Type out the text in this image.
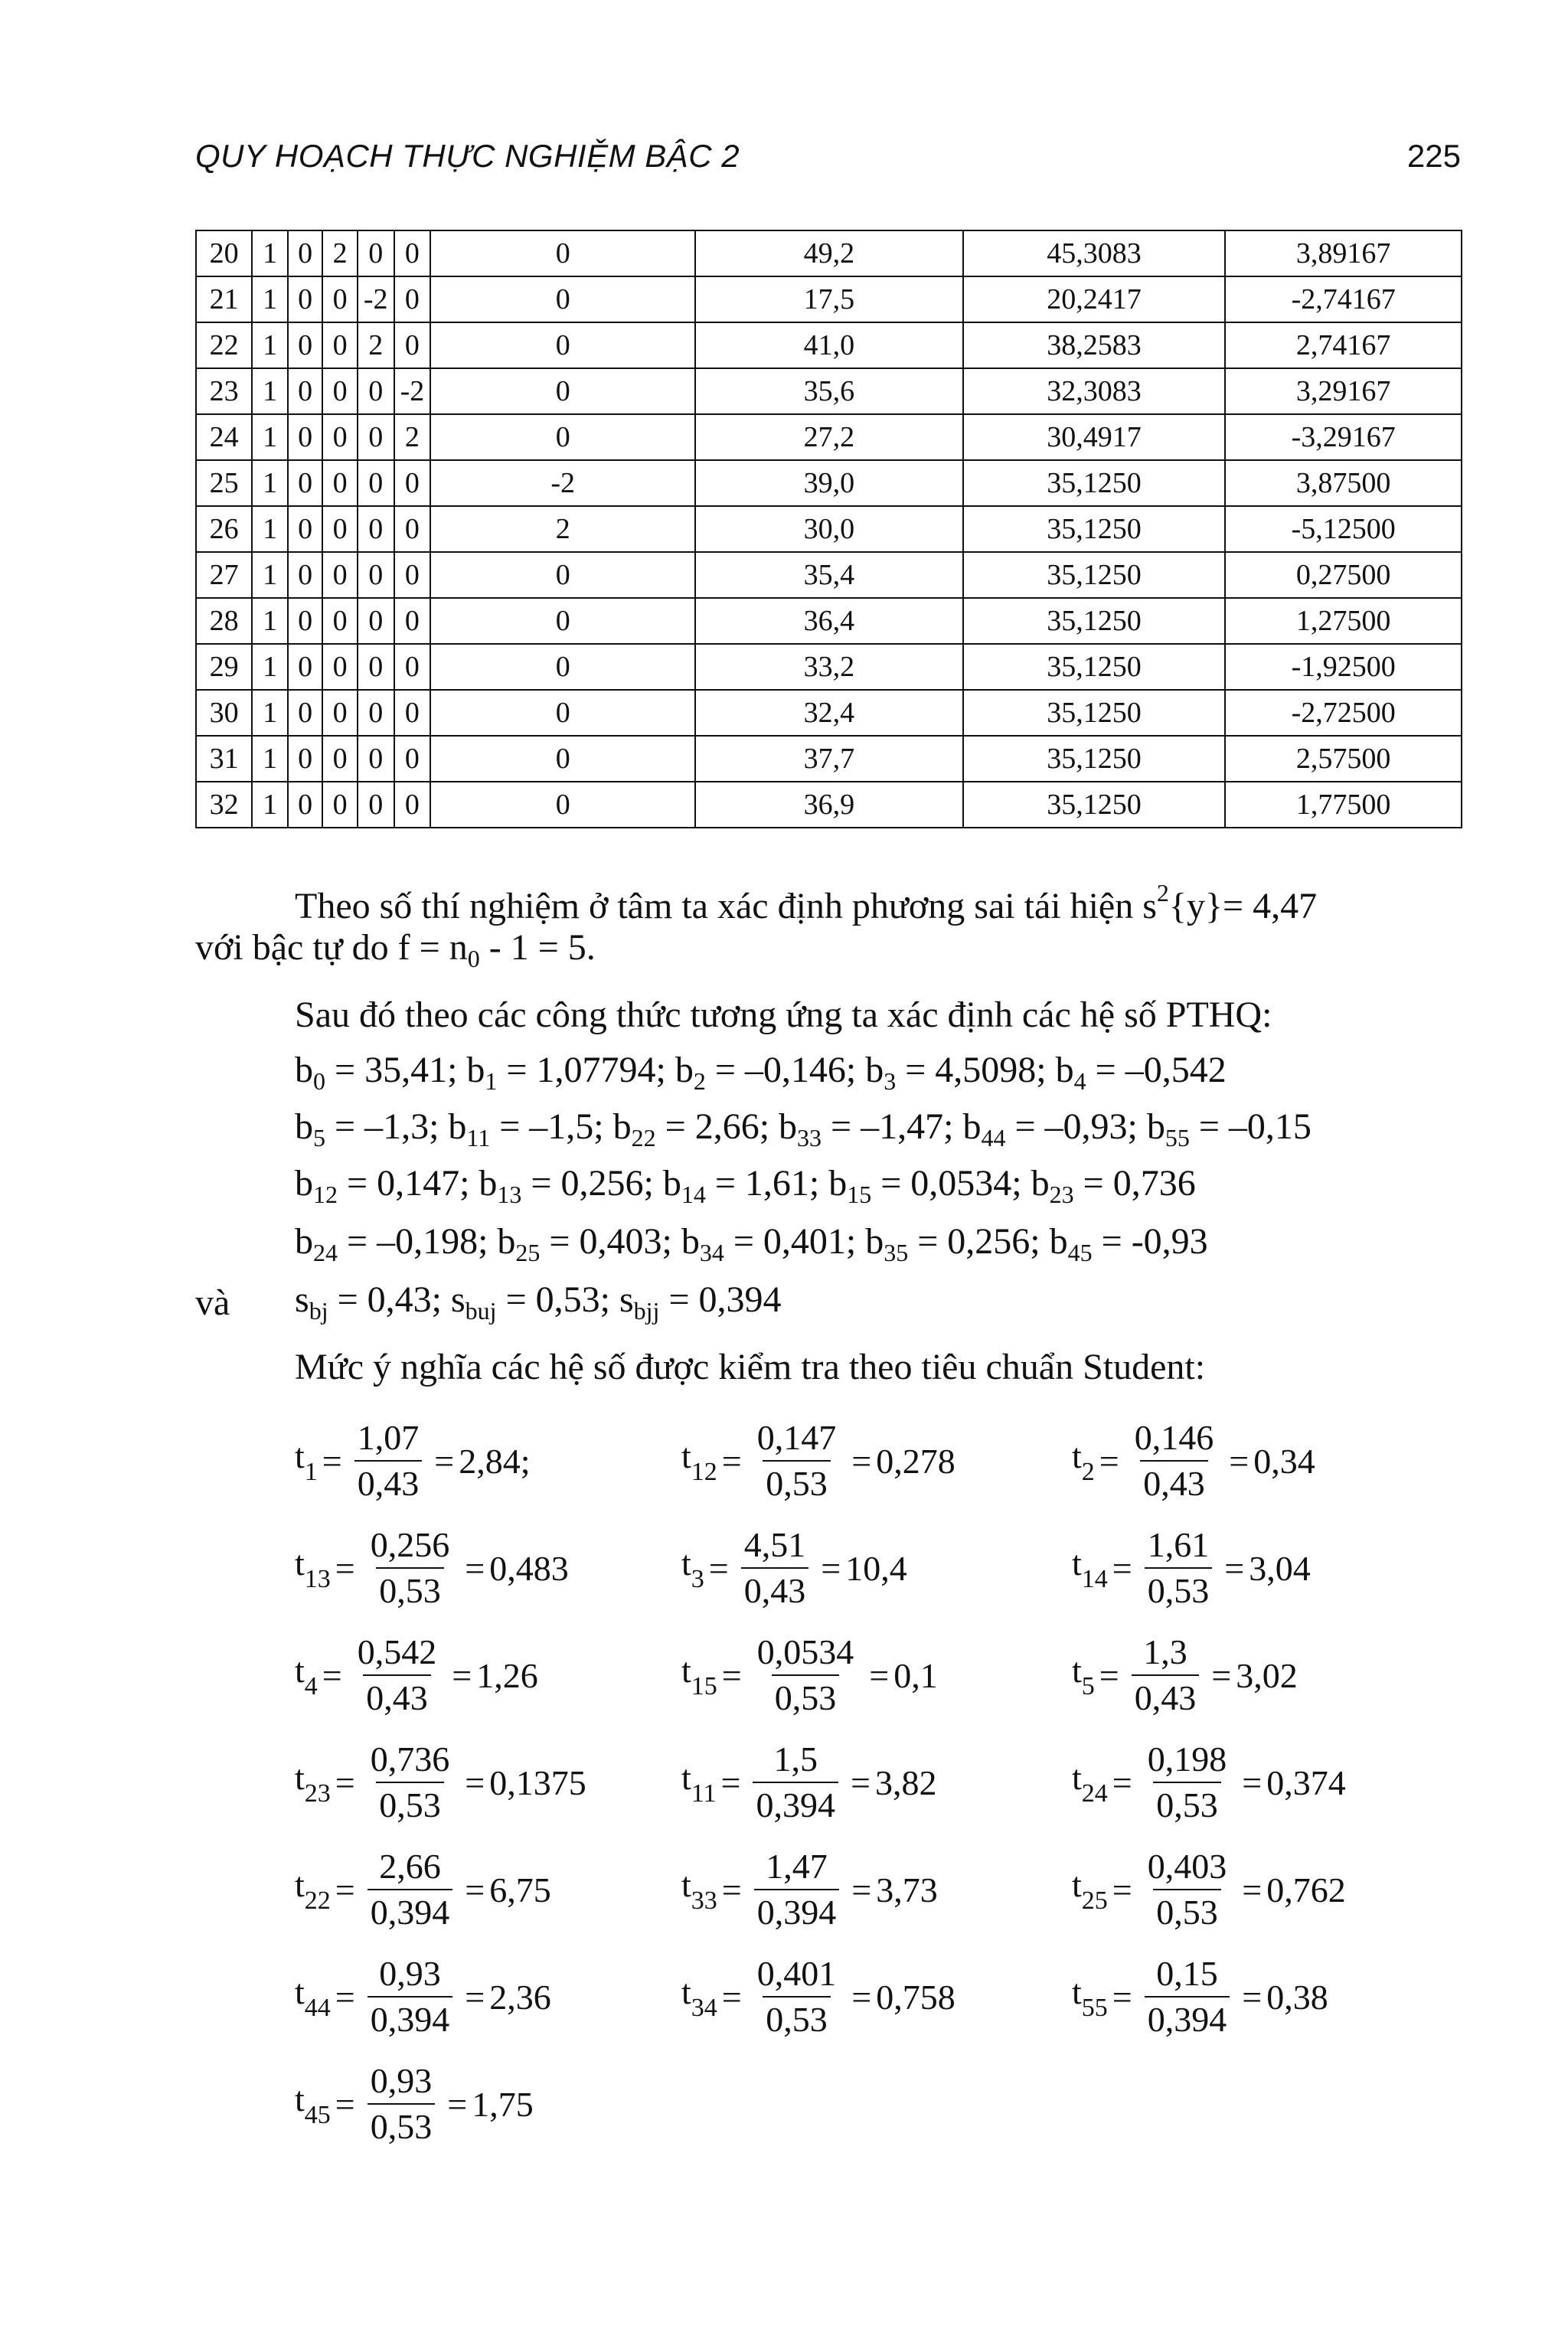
QUY HOẠCH THỰC NGHIỆM BẬC 2	225
20	1	0	2	0	0	0	49,2	45,3083	3,89167
21	1	0	0	-2	0	0	17,5	20,2417	-2,74167
22	1	0	0	2	0	0	41,0	38,2583	2,74167
23	1	0	0	0	-2	0	35,6	32,3083	3,29167
24	1	0	0	0	2	0	27,2	30,4917	-3,29167
25	1	0	0	0	0	-2	39,0	35,1250	3,87500
26	1	0	0	0	0	2	30,0	35,1250	-5,12500
27	1	0	0	0	0	0	35,4	35,1250	0,27500
28	1	0	0	0	0	0	36,4	35,1250	1,27500
29	1	0	0	0	0	0	33,2	35,1250	-1,92500
30	1	0	0	0	0	0	32,4	35,1250	-2,72500
31	1	0	0	0	0	0	37,7	35,1250	2,57500
32	1	0	0	0	0	0	36,9	35,1250	1,77500
Theo số thí nghiệm ở tâm ta xác định phương sai tái hiện $s^2\{y\}= 4,47$
với bậc tự do $f = n_0 - 1 = 5$.
Sau đó theo các công thức tương ứng ta xác định các hệ số PTHQ:
$b_0 = 35,41$; $b_1 = 1,07794$; $b_2 = -0,146$; $b_3 = 4,5098$; $b_4 = -0,542$
$b_5 = -1,3$; $b_{11} = -1,5$; $b_{22} = 2,66$; $b_{33} = -1,47$; $b_{44} = -0,93$; $b_{55} = -0,15$
$b_{12} = 0,147$; $b_{13} = 0,256$; $b_{14} = 1,61$; $b_{15} = 0,0534$; $b_{23} = 0,736$
$b_{24} = -0,198$; $b_{25} = 0,403$; $b_{34} = 0,401$; $b_{35} = 0,256$; $b_{45} = -0,93$
$s_{bj} = 0,43$; $s_{buj} = 0,53$; $s_{bjj} = 0,394$
và
Mức ý nghĩa các hệ số được kiểm tra theo tiêu chuẩn Student:
$t_1 = \frac{1,07}{0,43} = 2,84$;	$t_{12} = \frac{0,147}{0,53} = 0,278$	$t_2 = \frac{0,146}{0,43} = 0,34$
$t_{13} = \frac{0,256}{0,53} = 0,483$	$t_3 = \frac{4,51}{0,43} = 10,4$	$t_{14} = \frac{1,61}{0,53} = 3,04$
$t_4 = \frac{0,542}{0,43} = 1,26$	$t_{15} = \frac{0,0534}{0,53} = 0,1$	$t_5 = \frac{1,3}{0,43} = 3,02$
$t_{23} = \frac{0,736}{0,53} = 0,1375$	$t_{11} = \frac{1,5}{0,394} = 3,82$	$t_{24} = \frac{0,198}{0,53} = 0,374$
$t_{22} = \frac{2,66}{0,394} = 6,75$	$t_{33} = \frac{1,47}{0,394} = 3,73$	$t_{25} = \frac{0,403}{0,53} = 0,762$
$t_{44} = \frac{0,93}{0,394} = 2,36$	$t_{34} = \frac{0,401}{0,53} = 0,758$	$t_{55} = \frac{0,15}{0,394} = 0,38$
$t_{45} = \frac{0,93}{0,53} = 1,75$
